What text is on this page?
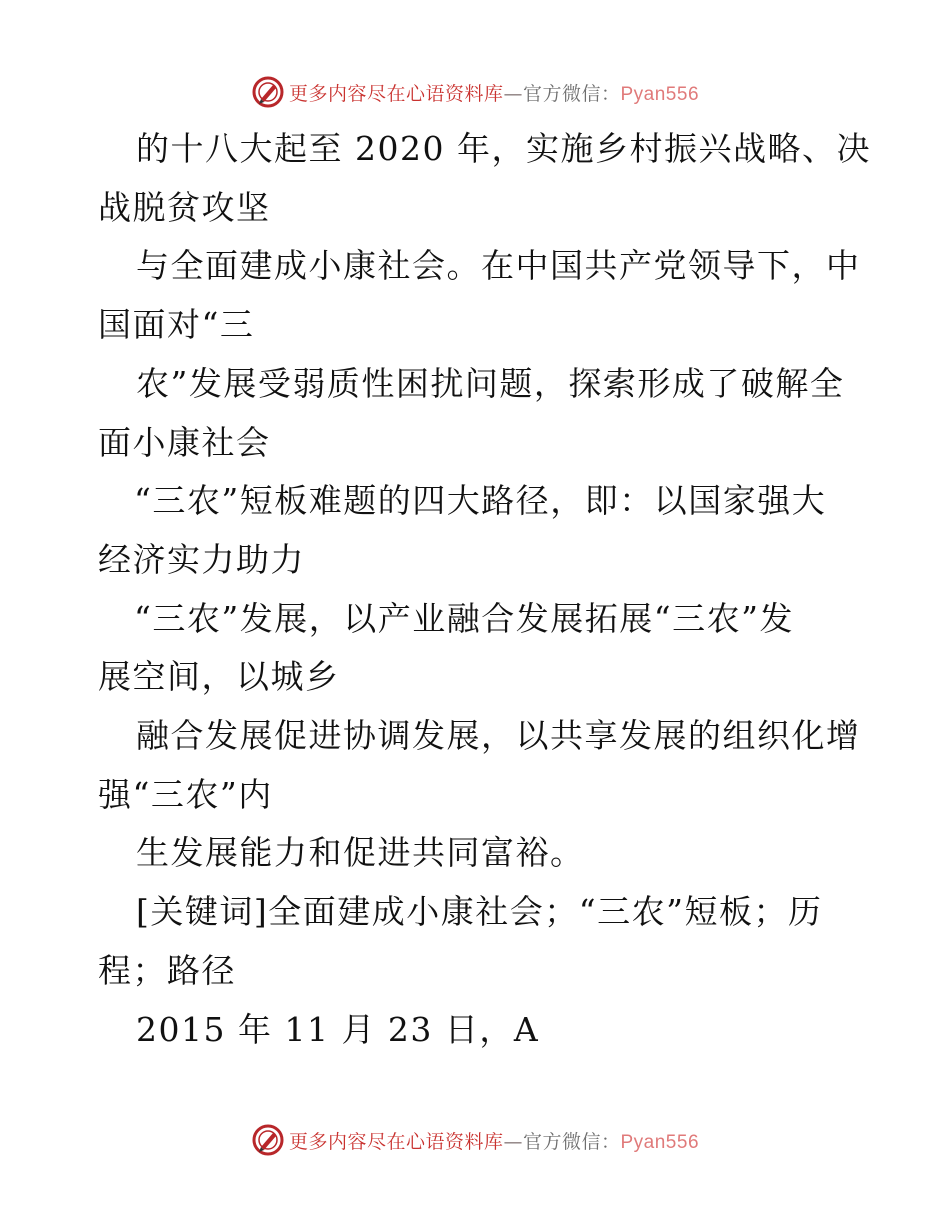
更多内容尽在心语资料库—官方微信：Pyan556
的十八大起至 2020 年，实施乡村振兴战略、决
战脱贫攻坚
与全面建成小康社会。在中国共产党领导下，中
国面对“三
农”发展受弱质性困扰问题，探索形成了破解全
面小康社会
“三农”短板难题的四大路径，即：以国家强大
经济实力助力
“三农”发展，以产业融合发展拓展“三农”发
展空间，以城乡
融合发展促进协调发展，以共享发展的组织化增
强“三农”内
生发展能力和促进共同富裕。
[关键词]全面建成小康社会；“三农”短板；历
程；路径
2015 年 11 月 23 日，A
更多内容尽在心语资料库—官方微信：Pyan556
